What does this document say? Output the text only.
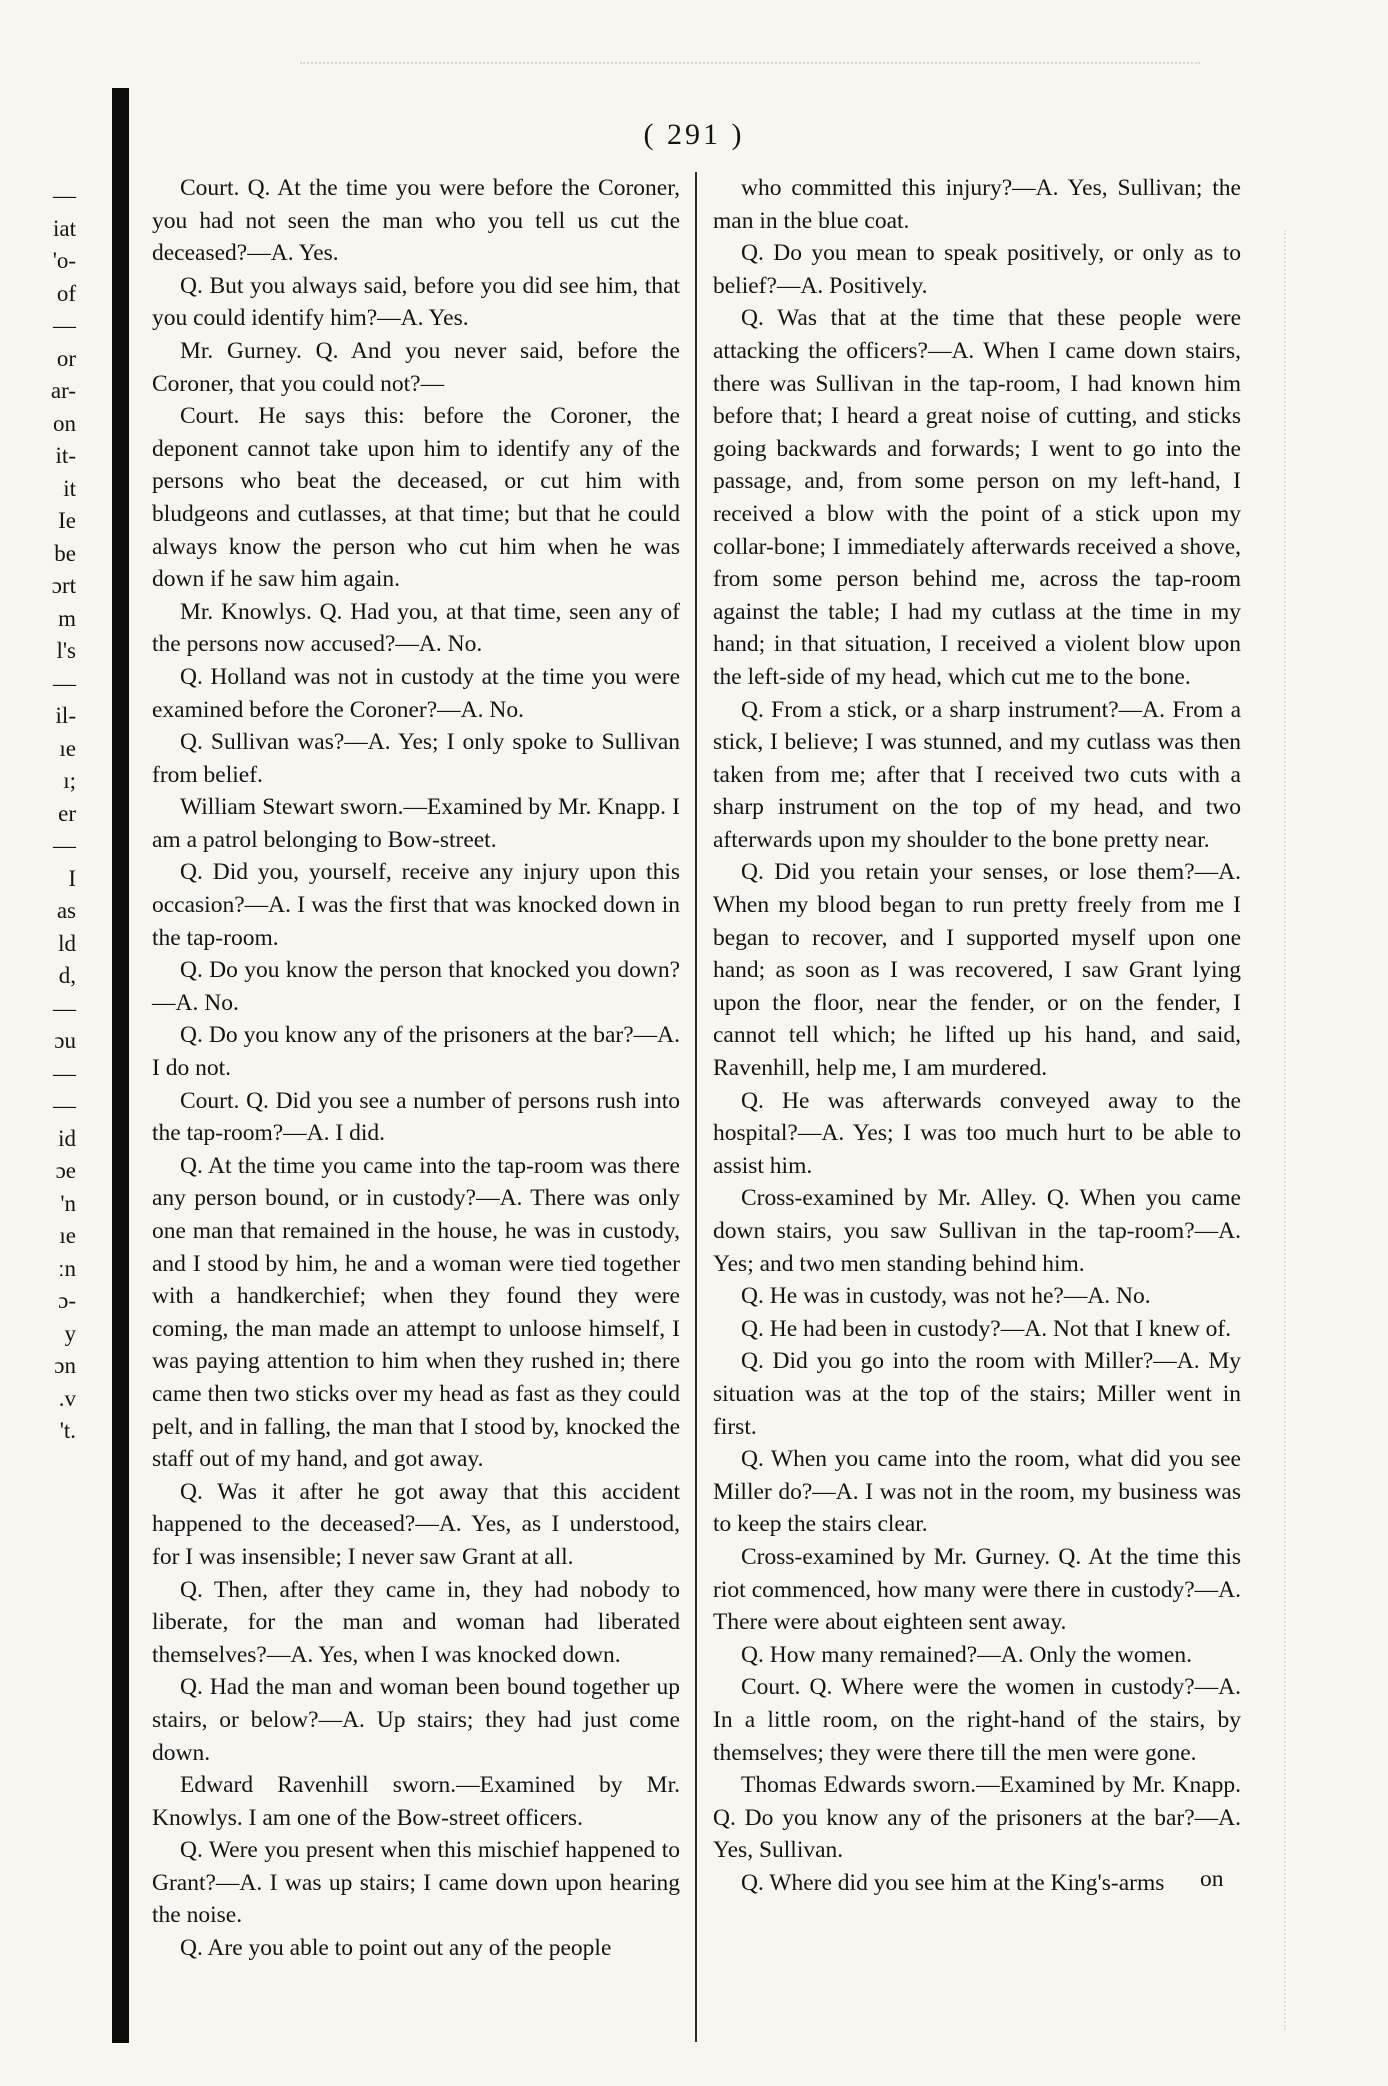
—
iat
'o-
of
—
or
ar-
on
it-
it
Ie
be
ɔrt
m
l's
—
il-
ıe
ı;
er
—
I
as
ld
d,
—
ɔu
—
—
id
ɔe
'n
ıe
ːn
ɔ-
y
ɔn
.v
't.
( 291 )

Court. Q. At the time you were before the Coroner, you had not seen the man who you tell us cut the deceased?—A. Yes.

Q. But you always said, before you did see him, that you could identify him?—A. Yes.

Mr. Gurney. Q. And you never said, before the Coroner, that you could not?—

Court. He says this: before the Coroner, the deponent cannot take upon him to identify any of the persons who beat the deceased, or cut him with bludgeons and cutlasses, at that time; but that he could always know the person who cut him when he was down if he saw him again.

Mr. Knowlys. Q. Had you, at that time, seen any of the persons now accused?—A. No.

Q. Holland was not in custody at the time you were examined before the Coroner?—A. No.

Q. Sullivan was?—A. Yes; I only spoke to Sullivan from belief.

William Stewart sworn.—Examined by Mr. Knapp. I am a patrol belonging to Bow-street.

Q. Did you, yourself, receive any injury upon this occasion?—A. I was the first that was knocked down in the tap-room.

Q. Do you know the person that knocked you down?—A. No.

Q. Do you know any of the prisoners at the bar?—A. I do not.

Court. Q. Did you see a number of persons rush into the tap-room?—A. I did.

Q. At the time you came into the tap-room was there any person bound, or in custody?—A. There was only one man that remained in the house, he was in custody, and I stood by him, he and a woman were tied together with a handkerchief; when they found they were coming, the man made an attempt to unloose himself, I was paying attention to him when they rushed in; there came then two sticks over my head as fast as they could pelt, and in falling, the man that I stood by, knocked the staff out of my hand, and got away.

Q. Was it after he got away that this accident happened to the deceased?—A. Yes, as I understood, for I was insensible; I never saw Grant at all.

Q. Then, after they came in, they had nobody to liberate, for the man and woman had liberated themselves?—A. Yes, when I was knocked down.

Q. Had the man and woman been bound together up stairs, or below?—A. Up stairs; they had just come down.

Edward Ravenhill sworn.—Examined by Mr. Knowlys. I am one of the Bow-street officers.

Q. Were you present when this mischief happened to Grant?—A. I was up stairs; I came down upon hearing the noise.

Q. Are you able to point out any of the people

who committed this injury?—A. Yes, Sullivan; the man in the blue coat.

Q. Do you mean to speak positively, or only as to belief?—A. Positively.

Q. Was that at the time that these people were attacking the officers?—A. When I came down stairs, there was Sullivan in the tap-room, I had known him before that; I heard a great noise of cutting, and sticks going backwards and forwards; I went to go into the passage, and, from some person on my left-hand, I received a blow with the point of a stick upon my collar-bone; I immediately afterwards received a shove, from some person behind me, across the tap-room against the table; I had my cutlass at the time in my hand; in that situation, I received a violent blow upon the left-side of my head, which cut me to the bone.

Q. From a stick, or a sharp instrument?—A. From a stick, I believe; I was stunned, and my cutlass was then taken from me; after that I received two cuts with a sharp instrument on the top of my head, and two afterwards upon my shoulder to the bone pretty near.

Q. Did you retain your senses, or lose them?—A. When my blood began to run pretty freely from me I began to recover, and I supported myself upon one hand; as soon as I was recovered, I saw Grant lying upon the floor, near the fender, or on the fender, I cannot tell which; he lifted up his hand, and said, Ravenhill, help me, I am murdered.

Q. He was afterwards conveyed away to the hospital?—A. Yes; I was too much hurt to be able to assist him.

Cross-examined by Mr. Alley. Q. When you came down stairs, you saw Sullivan in the tap-room?—A. Yes; and two men standing behind him.

Q. He was in custody, was not he?—A. No.

Q. He had been in custody?—A. Not that I knew of.

Q. Did you go into the room with Miller?—A. My situation was at the top of the stairs; Miller went in first.

Q. When you came into the room, what did you see Miller do?—A. I was not in the room, my business was to keep the stairs clear.

Cross-examined by Mr. Gurney. Q. At the time this riot commenced, how many were there in custody?—A. There were about eighteen sent away.

Q. How many remained?—A. Only the women.

Court. Q. Where were the women in custody?—A. In a little room, on the right-hand of the stairs, by themselves; they were there till the men were gone.

Thomas Edwards sworn.—Examined by Mr. Knapp. Q. Do you know any of the prisoners at the bar?—A. Yes, Sullivan.

Q. Where did you see him at the King's-arms	on
